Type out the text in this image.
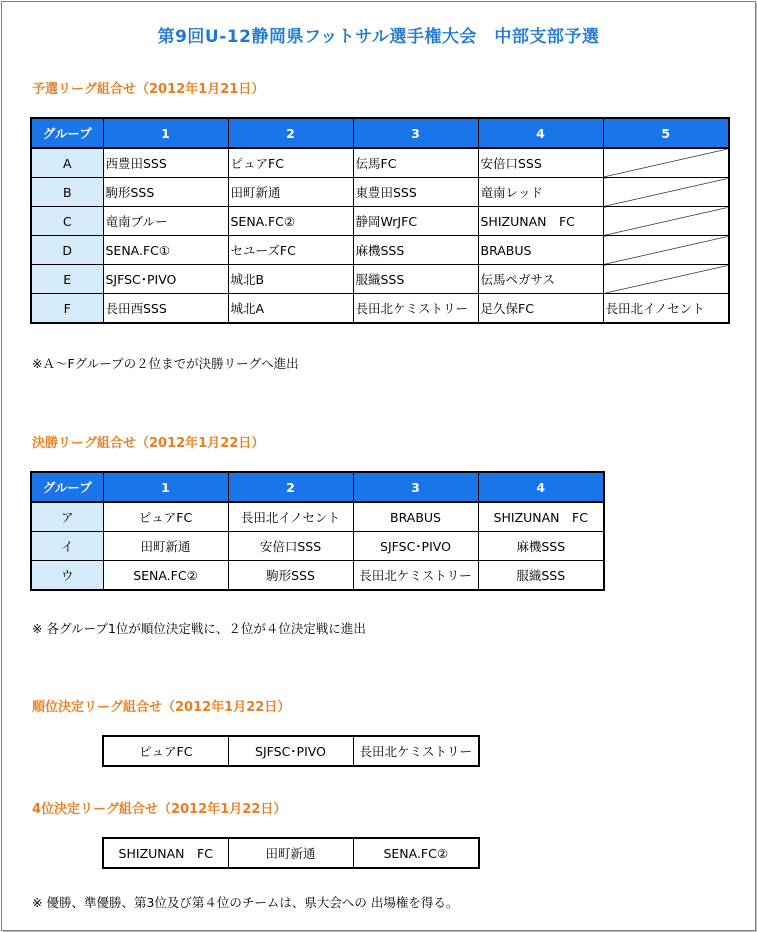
第9回U-12静岡県フットサル選手権大会　中部支部予選
予選リーグ組合せ（2012年1月21日）
グループ	1	2	3	4	5
A	西豊田SSS	ピュアFC	伝馬FC	安倍口SSS	
B	駒形SSS	田町新通	東豊田SSS	竜南レッド	
C	竜南ブルー	SENA.FC②	静岡WrJFC	SHIZUNAN　FC	
D	SENA.FC①	セユーズFC	麻機SSS	BRABUS	
E	SJFSC･PIVO	城北B	服織SSS	伝馬ペガサス	
F	長田西SSS	城北A	長田北ケミストリー	足久保FC	長田北イノセント
※Ａ～Fグループの２位までが決勝リーグへ進出
決勝リーグ組合せ（2012年1月22日）
グループ	1	2	3	4
ア	ピュアFC	長田北イノセント	BRABUS	SHIZUNAN　FC
イ	田町新通	安倍口SSS	SJFSC･PIVO	麻機SSS
ウ	SENA.FC②	駒形SSS	長田北ケミストリー	服織SSS
※ 各グループ1位が順位決定戦に、２位が４位決定戦に進出
順位決定リーグ組合せ（2012年1月22日）
ピュアFC	SJFSC･PIVO	長田北ケミストリー
4位決定リーグ組合せ（2012年1月22日）
SHIZUNAN　FC	田町新通	SENA.FC②
※ 優勝、準優勝、第3位及び第４位のチームは、県大会への 出場権を得る。
